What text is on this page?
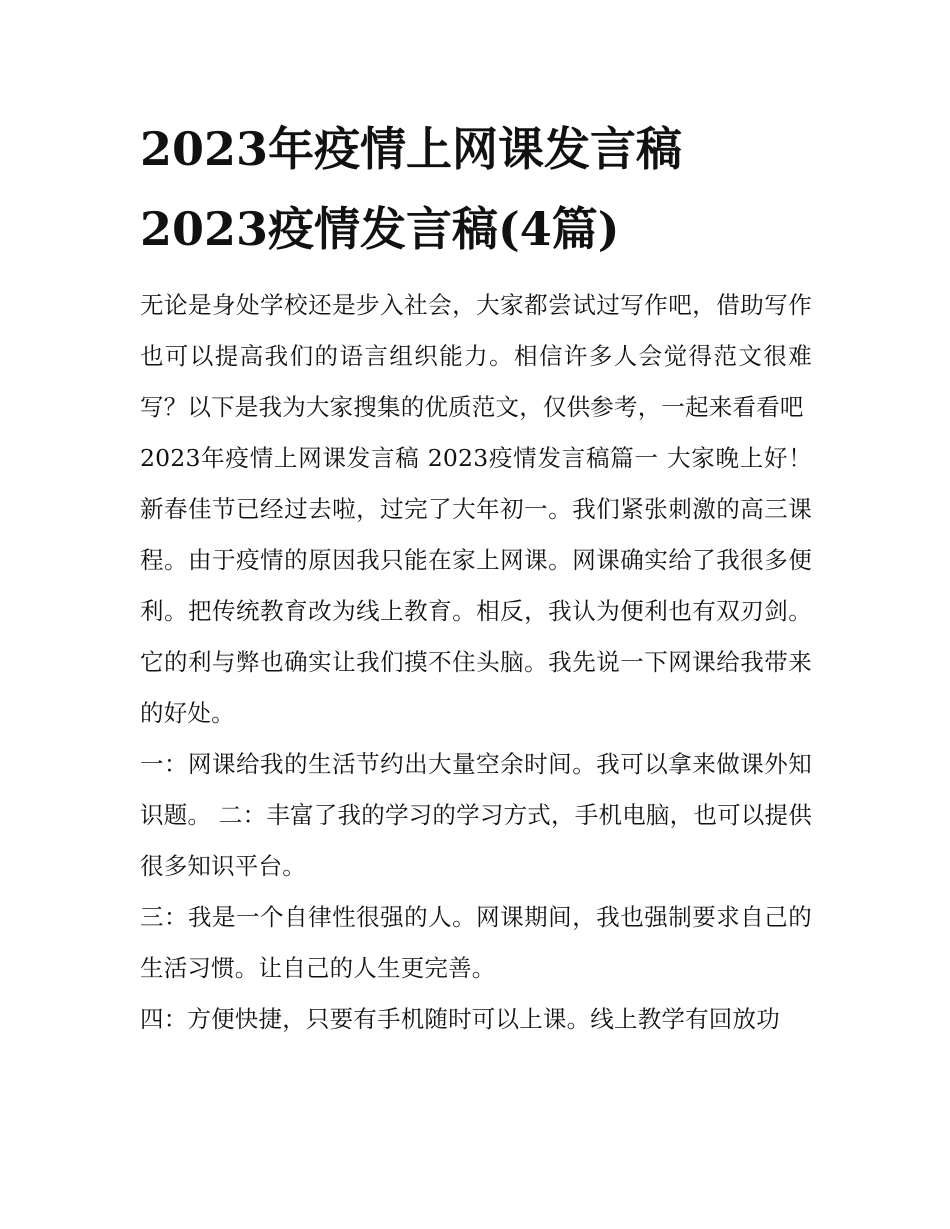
2023年疫情上网课发言稿
2023疫情发言稿(4篇)

无论是身处学校还是步入社会，大家都尝试过写作吧，借助写作也可以提高我们的语言组织能力。相信许多人会觉得范文很难写？以下是我为大家搜集的优质范文，仅供参考，一起来看看吧

2023年疫情上网课发言稿 2023疫情发言稿篇一 大家晚上好！新春佳节已经过去啦，过完了大年初一。我们紧张刺激的高三课程。由于疫情的原因我只能在家上网课。网课确实给了我很多便利。把传统教育改为线上教育。相反，我认为便利也有双刃剑。它的利与弊也确实让我们摸不住头脑。我先说一下网课给我带来的好处。

一：网课给我的生活节约出大量空余时间。我可以拿来做课外知识题。 二：丰富了我的学习的学习方式，手机电脑，也可以提供很多知识平台。

三：我是一个自律性很强的人。网课期间，我也强制要求自己的生活习惯。让自己的人生更完善。

四：方便快捷，只要有手机随时可以上课。线上教学有回放功
